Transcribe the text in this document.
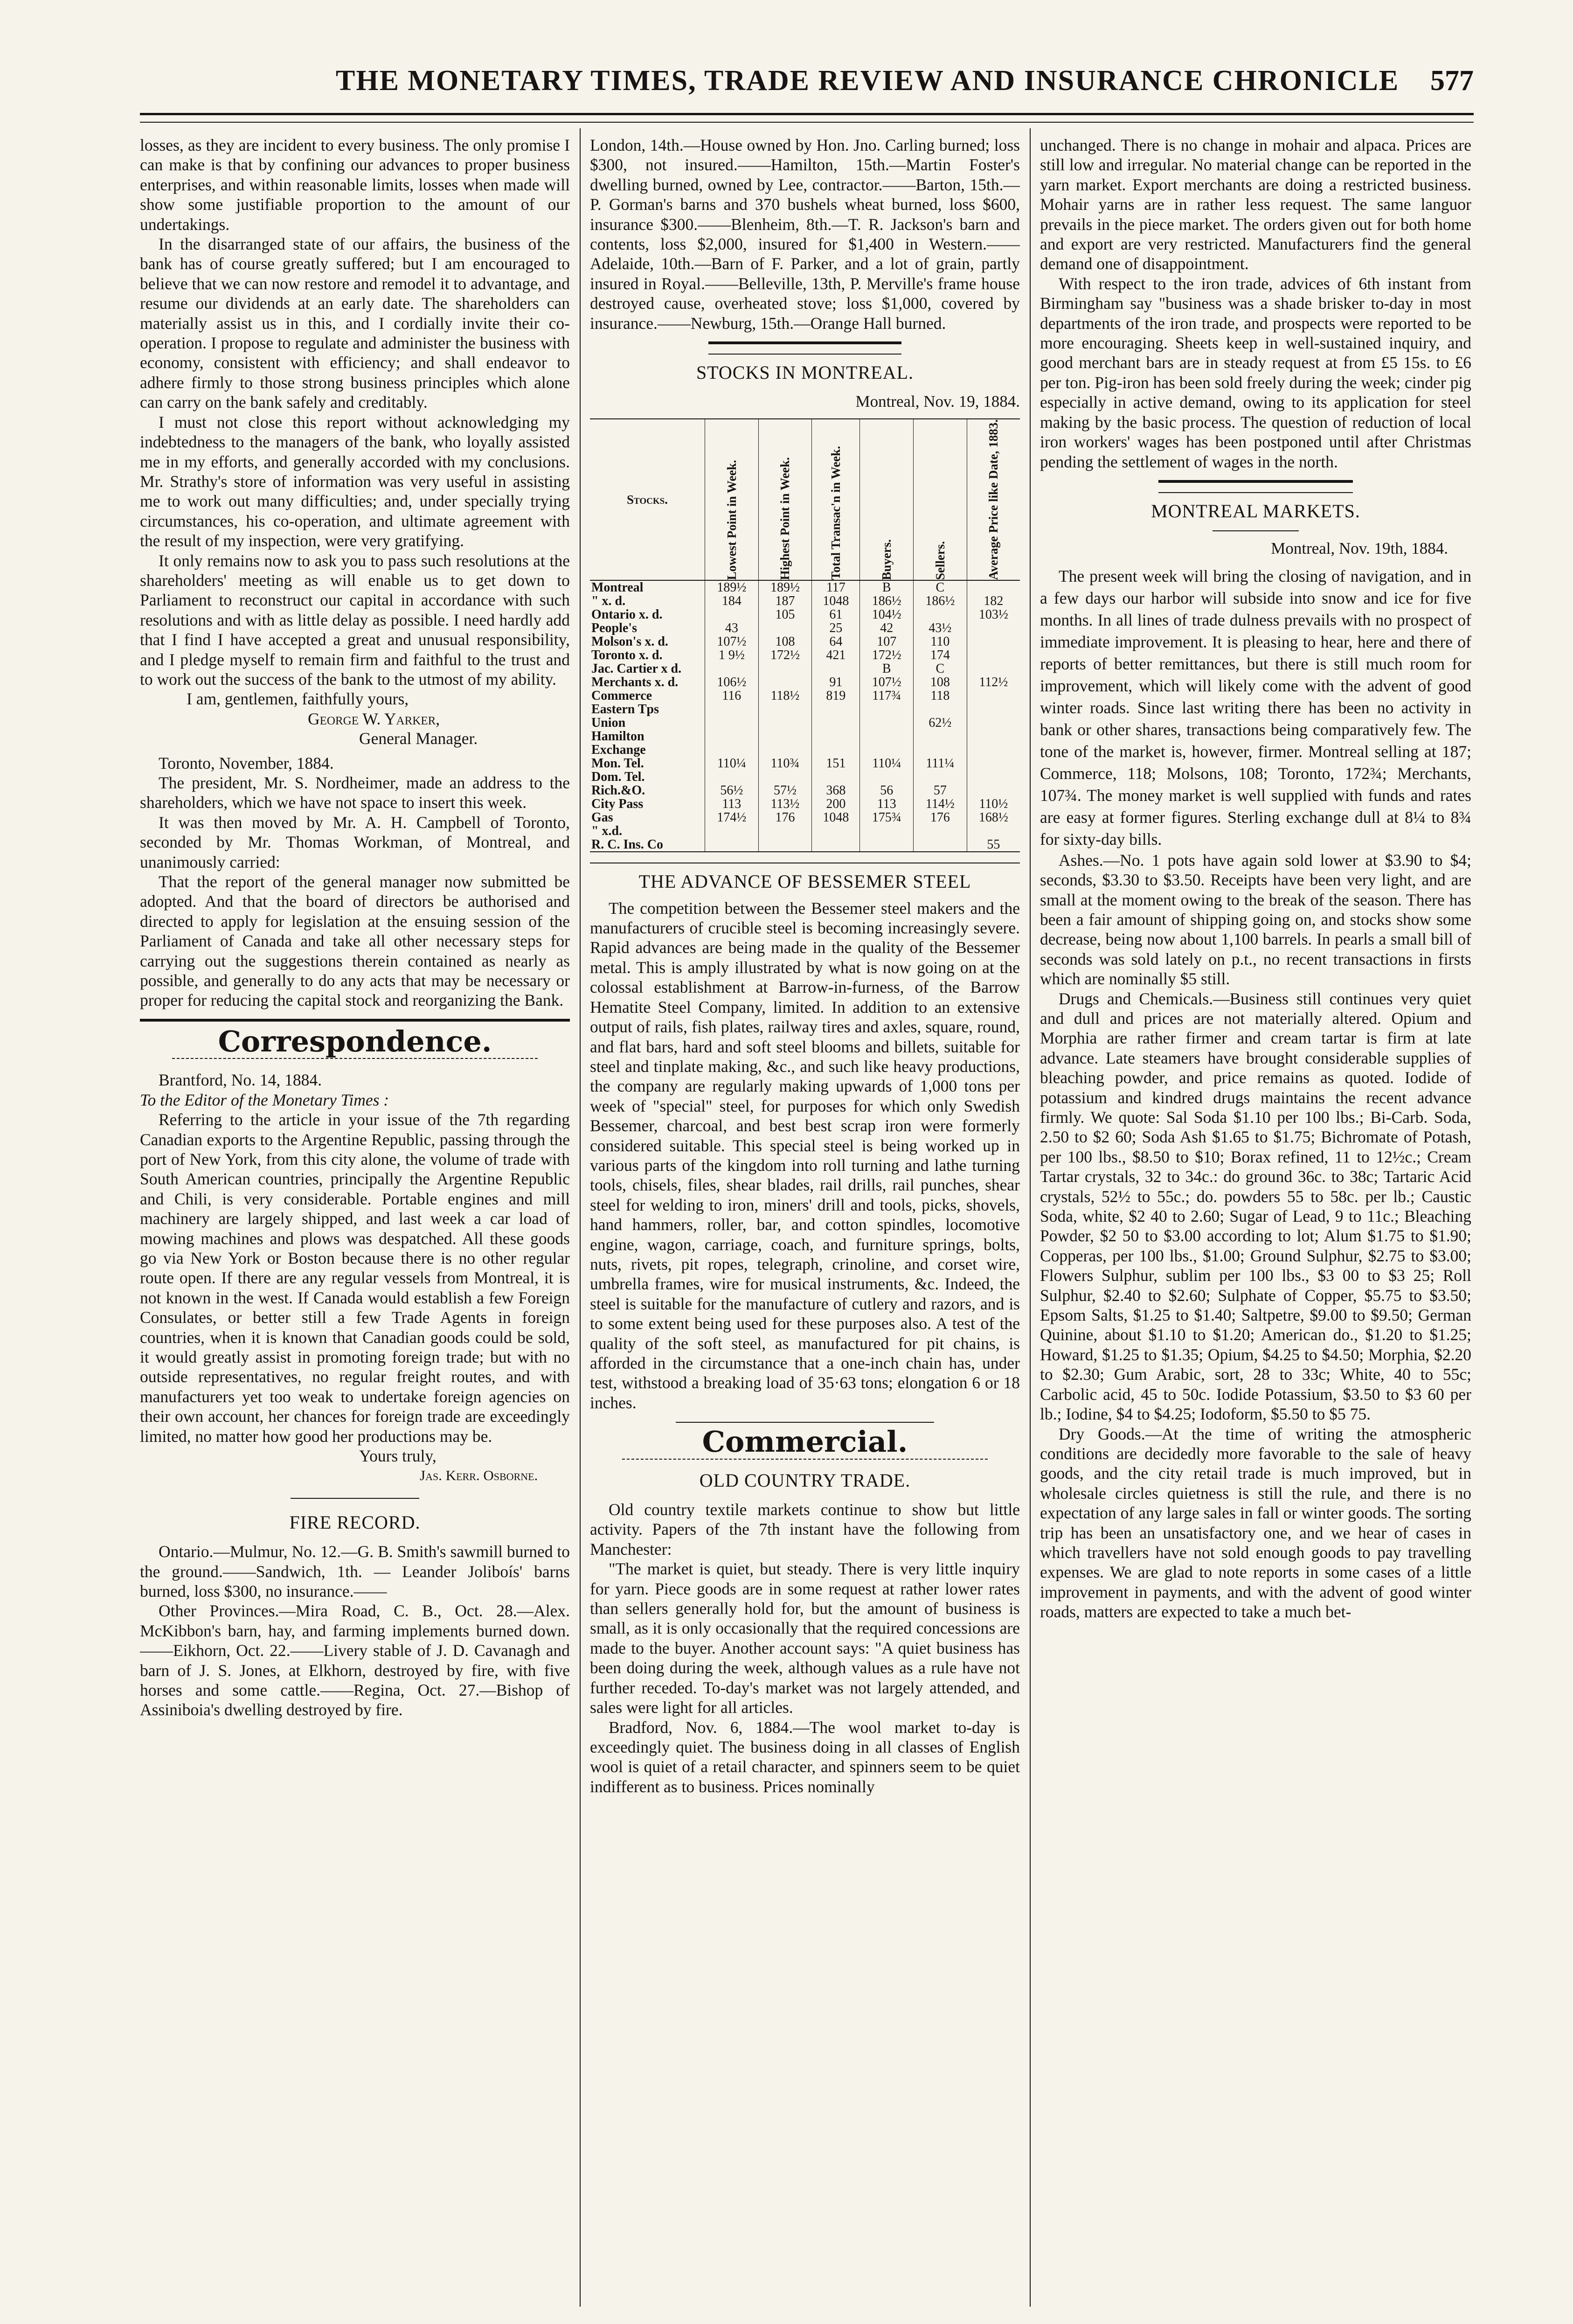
THE MONETARY TIMES, TRADE REVIEW AND INSURANCE CHRONICLE 577

losses, as they are incident to every business. The only promise I can make is that by confining our advances to proper business enterprises, and within reasonable limits, losses when made will show some justifiable proportion to the amount of our undertakings.

In the disarranged state of our affairs, the business of the bank has of course greatly suffered; but I am encouraged to believe that we can now restore and remodel it to advantage, and resume our dividends at an early date. The shareholders can materially assist us in this, and I cordially invite their co-operation. I propose to regulate and administer the business with economy, consistent with efficiency; and shall endeavor to adhere firmly to those strong business principles which alone can carry on the bank safely and creditably.

I must not close this report without acknowledging my indebtedness to the managers of the bank, who loyally assisted me in my efforts, and generally accorded with my conclusions. Mr. Strathy's store of information was very useful in assisting me to work out many difficulties; and, under specially trying circumstances, his co-operation, and ultimate agreement with the result of my inspection, were very gratifying.

It only remains now to ask you to pass such resolutions at the shareholders' meeting as will enable us to get down to Parliament to reconstruct our capital in accordance with such resolutions and with as little delay as possible. I need hardly add that I find I have accepted a great and unusual responsibility, and I pledge myself to remain firm and faithful to the trust and to work out the success of the bank to the utmost of my ability.

I am, gentlemen, faithfully yours,

George W. Yarker,

General Manager.

Toronto, November, 1884.

The president, Mr. S. Nordheimer, made an address to the shareholders, which we have not space to insert this week.

It was then moved by Mr. A. H. Campbell of Toronto, seconded by Mr. Thomas Workman, of Montreal, and unanimously carried:

That the report of the general manager now submitted be adopted. And that the board of directors be authorised and directed to apply for legislation at the ensuing session of the Parliament of Canada and take all other necessary steps for carrying out the suggestions therein contained as nearly as possible, and generally to do any acts that may be necessary or proper for reducing the capital stock and reorganizing the Bank.

Correspondence.

Brantford, No. 14, 1884.

To the Editor of the Monetary Times :

Referring to the article in your issue of the 7th regarding Canadian exports to the Argentine Republic, passing through the port of New York, from this city alone, the volume of trade with South American countries, principally the Argentine Republic and Chili, is very considerable. Portable engines and mill machinery are largely shipped, and last week a car load of mowing machines and plows was despatched. All these goods go via New York or Boston because there is no other regular route open. If there are any regular vessels from Montreal, it is not known in the west. If Canada would establish a few Foreign Consulates, or better still a few Trade Agents in foreign countries, when it is known that Canadian goods could be sold, it would greatly assist in promoting foreign trade; but with no outside representatives, no regular freight routes, and with manufacturers yet too weak to undertake foreign agencies on their own account, her chances for foreign trade are exceedingly limited, no matter how good her productions may be.

Yours truly,

Jas. Kerr. Osborne.

FIRE RECORD.

Ontario.—Mulmur, No. 12.—G. B. Smith's sawmill burned to the ground.——Sandwich, 1th. — Leander Joliboís' barns burned, loss $300, no insurance.——

Other Provinces.—Mira Road, C. B., Oct. 28.—Alex. McKibbon's barn, hay, and farming implements burned down.——Eikhorn, Oct. 22.——Livery stable of J. D. Cavanagh and barn of J. S. Jones, at Elkhorn, destroyed by fire, with five horses and some cattle.——Regina, Oct. 27.—Bishop of Assiniboia's dwelling destroyed by fire.

London, 14th.—House owned by Hon. Jno. Carling burned; loss $300, not insured.——Hamilton, 15th.—Martin Foster's dwelling burned, owned by Lee, contractor.——Barton, 15th.—P. Gorman's barns and 370 bushels wheat burned, loss $600, insurance $300.——Blenheim, 8th.—T. R. Jackson's barn and contents, loss $2,000, insured for $1,400 in Western.——Adelaide, 10th.—Barn of F. Parker, and a lot of grain, partly insured in Royal.——Belleville, 13th, P. Merville's frame house destroyed cause, overheated stove; loss $1,000, covered by insurance.——Newburg, 15th.—Orange Hall burned.

STOCKS IN MONTREAL.
Montreal, Nov. 19, 1884.
Stocks.	Lowest Point in Week.	Highest Point in Week.	Total Transac'n in Week.	Buyers.	Sellers.	Average Price like Date, 1883.

Montreal	189½	189½	117	B	C	
" x. d.	184	187	1048	186½	186½	182
Ontario x. d.		105	61	104½		103½
People's	43		25	42	43½	
Molson's x. d.	107½	108	64	107	110	
Toronto x. d.	1 9½	172½	421	172½	174	
Jac. Cartier x d.				B	C	
Merchants x. d.	106½		91	107½	108	112½
Commerce	116	118½	819	117¾	118	
Eastern Tps						
Union					62½	
Hamilton						
Exchange						
Mon. Tel.	110¼	110¾	151	110¼	111¼	
Dom. Tel.						
Rich.&O.	56½	57½	368	56	57	
City Pass	113	113½	200	113	114½	110½
Gas	174½	176	1048	175¾	176	168½
" x.d.						
R. C. Ins. Co						55
THE ADVANCE OF BESSEMER STEEL

The competition between the Bessemer steel makers and the manufacturers of crucible steel is becoming increasingly severe. Rapid advances are being made in the quality of the Bessemer metal. This is amply illustrated by what is now going on at the colossal establishment at Barrow-in-furness, of the Barrow Hematite Steel Company, limited. In addition to an extensive output of rails, fish plates, railway tires and axles, square, round, and flat bars, hard and soft steel blooms and billets, suitable for steel and tinplate making, &c., and such like heavy productions, the company are regularly making upwards of 1,000 tons per week of "special" steel, for purposes for which only Swedish Bessemer, charcoal, and best best scrap iron were formerly considered suitable. This special steel is being worked up in various parts of the kingdom into roll turning and lathe turning tools, chisels, files, shear blades, rail drills, rail punches, shear steel for welding to iron, miners' drill and tools, picks, shovels, hand hammers, roller, bar, and cotton spindles, locomotive engine, wagon, carriage, coach, and furniture springs, bolts, nuts, rivets, pit ropes, telegraph, crinoline, and corset wire, umbrella frames, wire for musical instruments, &c. Indeed, the steel is suitable for the manufacture of cutlery and razors, and is to some extent being used for these purposes also. A test of the quality of the soft steel, as manufactured for pit chains, is afforded in the circumstance that a one-inch chain has, under test, withstood a breaking load of 35·63 tons; elongation 6 or 18 inches.

Commercial.
OLD COUNTRY TRADE.

Old country textile markets continue to show but little activity. Papers of the 7th instant have the following from Manchester:

"The market is quiet, but steady. There is very little inquiry for yarn. Piece goods are in some request at rather lower rates than sellers generally hold for, but the amount of business is small, as it is only occasionally that the required concessions are made to the buyer. Another account says: "A quiet business has been doing during the week, although values as a rule have not further receded. To-day's market was not largely attended, and sales were light for all articles.

Bradford, Nov. 6, 1884.—The wool market to-day is exceedingly quiet. The business doing in all classes of English wool is quiet of a retail character, and spinners seem to be quiet indifferent as to business. Prices nominally

unchanged. There is no change in mohair and alpaca. Prices are still low and irregular. No material change can be reported in the yarn market. Export merchants are doing a restricted business. Mohair yarns are in rather less request. The same languor prevails in the piece market. The orders given out for both home and export are very restricted. Manufacturers find the general demand one of disappointment.

With respect to the iron trade, advices of 6th instant from Birmingham say "business was a shade brisker to-day in most departments of the iron trade, and prospects were reported to be more encouraging. Sheets keep in well-sustained inquiry, and good merchant bars are in steady request at from £5 15s. to £6 per ton. Pig-iron has been sold freely during the week; cinder pig especially in active demand, owing to its application for steel making by the basic process. The question of reduction of local iron workers' wages has been postponed until after Christmas pending the settlement of wages in the north.

MONTREAL MARKETS.
Montreal, Nov. 19th, 1884.

The present week will bring the closing of navigation, and in a few days our harbor will subside into snow and ice for five months. In all lines of trade dulness prevails with no prospect of immediate improvement. It is pleasing to hear, here and there of reports of better remittances, but there is still much room for improvement, which will likely come with the advent of good winter roads. Since last writing there has been no activity in bank or other shares, transactions being comparatively few. The tone of the market is, however, firmer. Montreal selling at 187; Commerce, 118; Molsons, 108; Toronto, 172¾; Merchants, 107¾. The money market is well supplied with funds and rates are easy at former figures. Sterling exchange dull at 8¼ to 8¾ for sixty-day bills.

Ashes.—No. 1 pots have again sold lower at $3.90 to $4; seconds, $3.30 to $3.50. Receipts have been very light, and are small at the moment owing to the break of the season. There has been a fair amount of shipping going on, and stocks show some decrease, being now about 1,100 barrels. In pearls a small bill of seconds was sold lately on p.t., no recent transactions in firsts which are nominally $5 still.

Drugs and Chemicals.—Business still continues very quiet and dull and prices are not materially altered. Opium and Morphia are rather firmer and cream tartar is firm at late advance. Late steamers have brought considerable supplies of bleaching powder, and price remains as quoted. Iodide of potassium and kindred drugs maintains the recent advance firmly. We quote: Sal Soda $1.10 per 100 lbs.; Bi-Carb. Soda, 2.50 to $2 60; Soda Ash $1.65 to $1.75; Bichromate of Potash, per 100 lbs., $8.50 to $10; Borax refined, 11 to 12½c.; Cream Tartar crystals, 32 to 34c.: do ground 36c. to 38c; Tartaric Acid crystals, 52½ to 55c.; do. powders 55 to 58c. per lb.; Caustic Soda, white, $2 40 to 2.60; Sugar of Lead, 9 to 11c.; Bleaching Powder, $2 50 to $3.00 according to lot; Alum $1.75 to $1.90; Copperas, per 100 lbs., $1.00; Ground Sulphur, $2.75 to $3.00; Flowers Sulphur, sublim per 100 lbs., $3 00 to $3 25; Roll Sulphur, $2.40 to $2.60; Sulphate of Copper, $5.75 to $3.50; Epsom Salts, $1.25 to $1.40; Saltpetre, $9.00 to $9.50; German Quinine, about $1.10 to $1.20; American do., $1.20 to $1.25; Howard, $1.25 to $1.35; Opium, $4.25 to $4.50; Morphia, $2.20 to $2.30; Gum Arabic, sort, 28 to 33c; White, 40 to 55c; Carbolic acid, 45 to 50c. Iodide Potassium, $3.50 to $3 60 per lb.; Iodine, $4 to $4.25; Iodoform, $5.50 to $5 75.

Dry Goods.—At the time of writing the atmospheric conditions are decidedly more favorable to the sale of heavy goods, and the city retail trade is much improved, but in wholesale circles quietness is still the rule, and there is no expectation of any large sales in fall or winter goods. The sorting trip has been an unsatisfactory one, and we hear of cases in which travellers have not sold enough goods to pay travelling expenses. We are glad to note reports in some cases of a little improvement in payments, and with the advent of good winter roads, matters are expected to take a much bet-
